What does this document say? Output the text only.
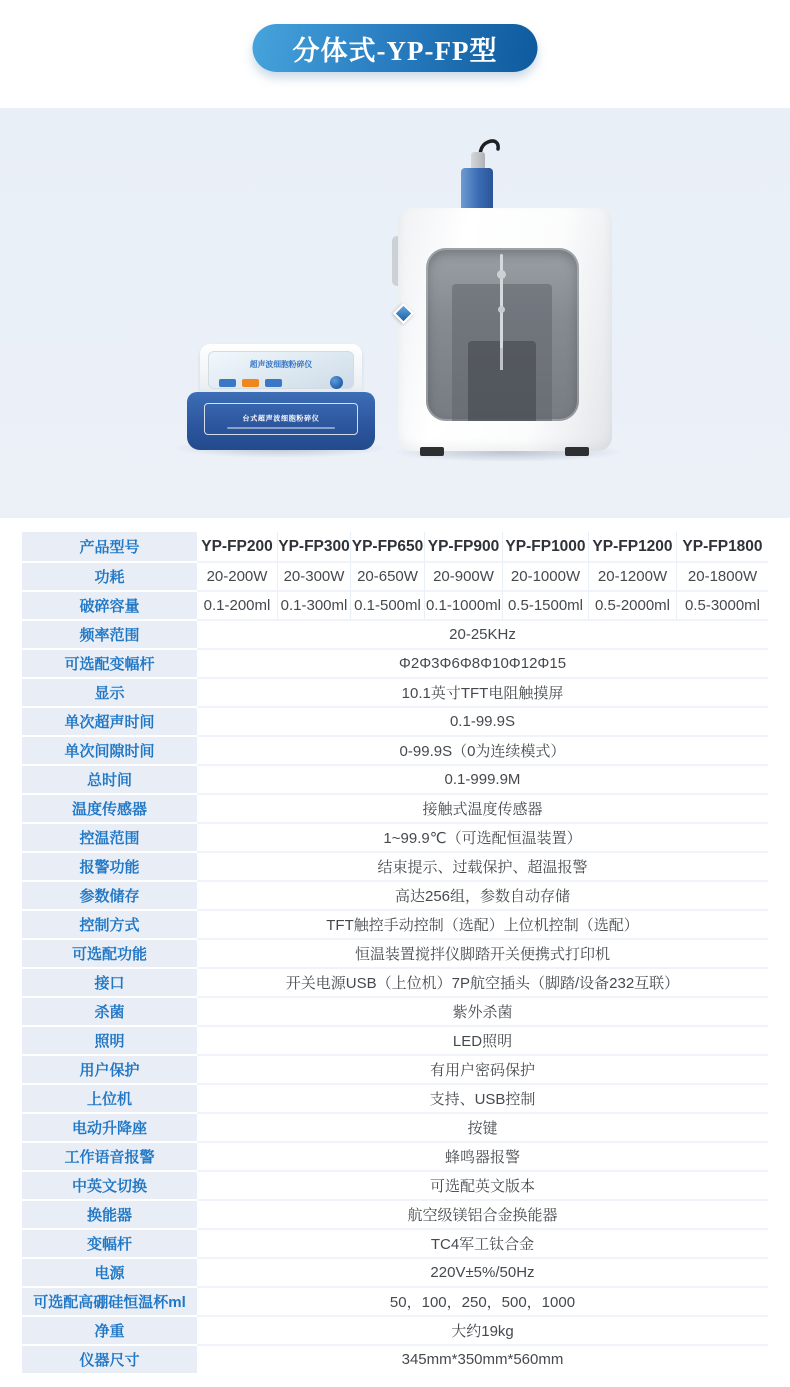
分体式-YP-FP型
超声波细胞粉碎仪
台式超声波细胞粉碎仪
产品型号	YP-FP200 YP-FP300 YP-FP650 YP-FP900 YP-FP1000 YP-FP1200 YP-FP1800
功耗	20-200W	20-300W 20-650W	20-900W	20-1000W	20-1200W	20-1800W
破碎容量	0.1-200ml 0.1-300ml 0.1-500ml 0.1-1000ml 0.5-1500ml 0.5-2000ml 0.5-3000ml
频率范围	20-25KHz
可选配变幅杆	Φ2Φ3Φ6Φ8Φ10Φ12Φ15
显示	10.1英寸TFT电阻触摸屏
单次超声时间	0.1-99.9S
单次间隙时间	0-99.9S（0为连续模式）
总时间	0.1-999.9M
温度传感器	接触式温度传感器
控温范围	1~99.9℃（可选配恒温装置）
报警功能	结束提示、过载保护、超温报警
参数储存	高达256组，参数自动存储
控制方式	TFT触控手动控制（选配）上位机控制（选配）
可选配功能	恒温装置搅拌仪脚踏开关便携式打印机
接口	开关电源USB（上位机）7P航空插头（脚踏/设备232互联）
杀菌	紫外杀菌
照明	LED照明
用户保护	有用户密码保护
上位机	支持、USB控制
电动升降座	按键
工作语音报警	蜂鸣器报警
中英文切换	可选配英文版本
换能器	航空级镁铝合金换能器
变幅杆	TC4军工钛合金
电源	220V±5%/50Hz
可选配高硼硅恒温杯ml	50，100，250，500，1000
净重	大约19kg
仪器尺寸	345mm*350mm*560mm
